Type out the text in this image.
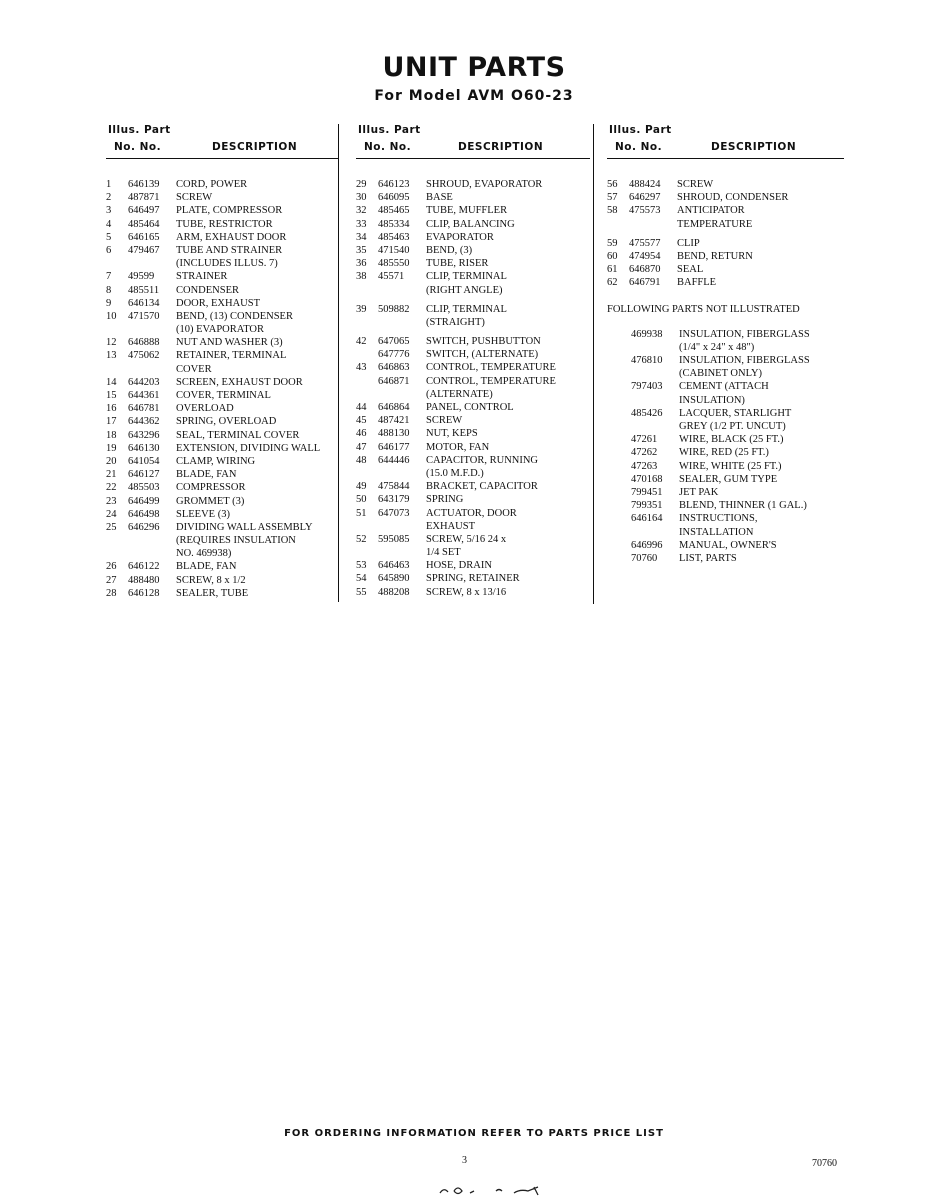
UNIT PARTS
For Model AVM O60-23
Illus. Part
No. No.	DESCRIPTION
1	646139 CORD, POWER
2	487871 SCREW
3	646497 PLATE, COMPRESSOR
4	485464 TUBE, RESTRICTOR
5	646165 ARM, EXHAUST DOOR
6	479467 TUBE AND STRAINER
(INCLUDES ILLUS. 7)
7	49599 STRAINER
8	485511 CONDENSER
9	646134 DOOR, EXHAUST
10	471570 BEND, (13) CONDENSER
(10) EVAPORATOR
12	646888 NUT AND WASHER (3)
13	475062 RETAINER, TERMINAL
COVER
14	644203 SCREEN, EXHAUST DOOR
15	644361 COVER, TERMINAL
16	646781 OVERLOAD
17	644362 SPRING, OVERLOAD
18	643296 SEAL, TERMINAL COVER
19	646130 EXTENSION, DIVIDING WALL
20	641054 CLAMP, WIRING
21	646127 BLADE, FAN
22	485503 COMPRESSOR
23	646499 GROMMET (3)
24	646498 SLEEVE (3)
25	646296 DIVIDING WALL ASSEMBLY
(REQUIRES INSULATION
NO. 469938)
26	646122 BLADE, FAN
27	488480 SCREW, 8 x 1/2
28	646128 SEALER, TUBE
Illus. Part
No. No.	DESCRIPTION
29	646123 SHROUD, EVAPORATOR
30	646095 BASE
32	485465 TUBE, MUFFLER
33	485334 CLIP, BALANCING
34	485463 EVAPORATOR
35	471540 BEND, (3)
36	485550 TUBE, RISER
38	45571 CLIP, TERMINAL
(RIGHT ANGLE)
39	509882 CLIP, TERMINAL
(STRAIGHT)
42	647065 SWITCH, PUSHBUTTON
647776 SWITCH, (ALTERNATE)
43	646863 CONTROL, TEMPERATURE
646871 CONTROL, TEMPERATURE
(ALTERNATE)
44	646864 PANEL, CONTROL
45	487421 SCREW
46	488130 NUT, KEPS
47	646177 MOTOR, FAN
48	644446 CAPACITOR, RUNNING
(15.0 M.F.D.)
49	475844 BRACKET, CAPACITOR
50	643179 SPRING
51	647073 ACTUATOR, DOOR
EXHAUST
52	595085 SCREW, 5/16 24 x
1/4 SET
53	646463 HOSE, DRAIN
54	645890 SPRING, RETAINER
55	488208 SCREW, 8 x 13/16
Illus. Part
No. No.	DESCRIPTION
56	488424 SCREW
57	646297 SHROUD, CONDENSER
58	475573 ANTICIPATOR
TEMPERATURE
59	475577 CLIP
60	474954 BEND, RETURN
61	646870 SEAL
62	646791 BAFFLE
FOLLOWING PARTS NOT ILLUSTRATED
469938 INSULATION, FIBERGLASS
(1/4" x 24" x 48")
476810 INSULATION, FIBERGLASS
(CABINET ONLY)
797403 CEMENT (ATTACH
INSULATION)
485426 LACQUER, STARLIGHT
GREY (1/2 PT. UNCUT)
47261 WIRE, BLACK (25 FT.)
47262 WIRE, RED (25 FT.)
47263 WIRE, WHITE (25 FT.)
470168 SEALER, GUM TYPE
799451 JET PAK
799351 BLEND, THINNER (1 GAL.)
646164 INSTRUCTIONS,
INSTALLATION
646996 MANUAL, OWNER'S
70760 LIST, PARTS
FOR ORDERING INFORMATION REFER TO PARTS PRICE LIST
3	70760
